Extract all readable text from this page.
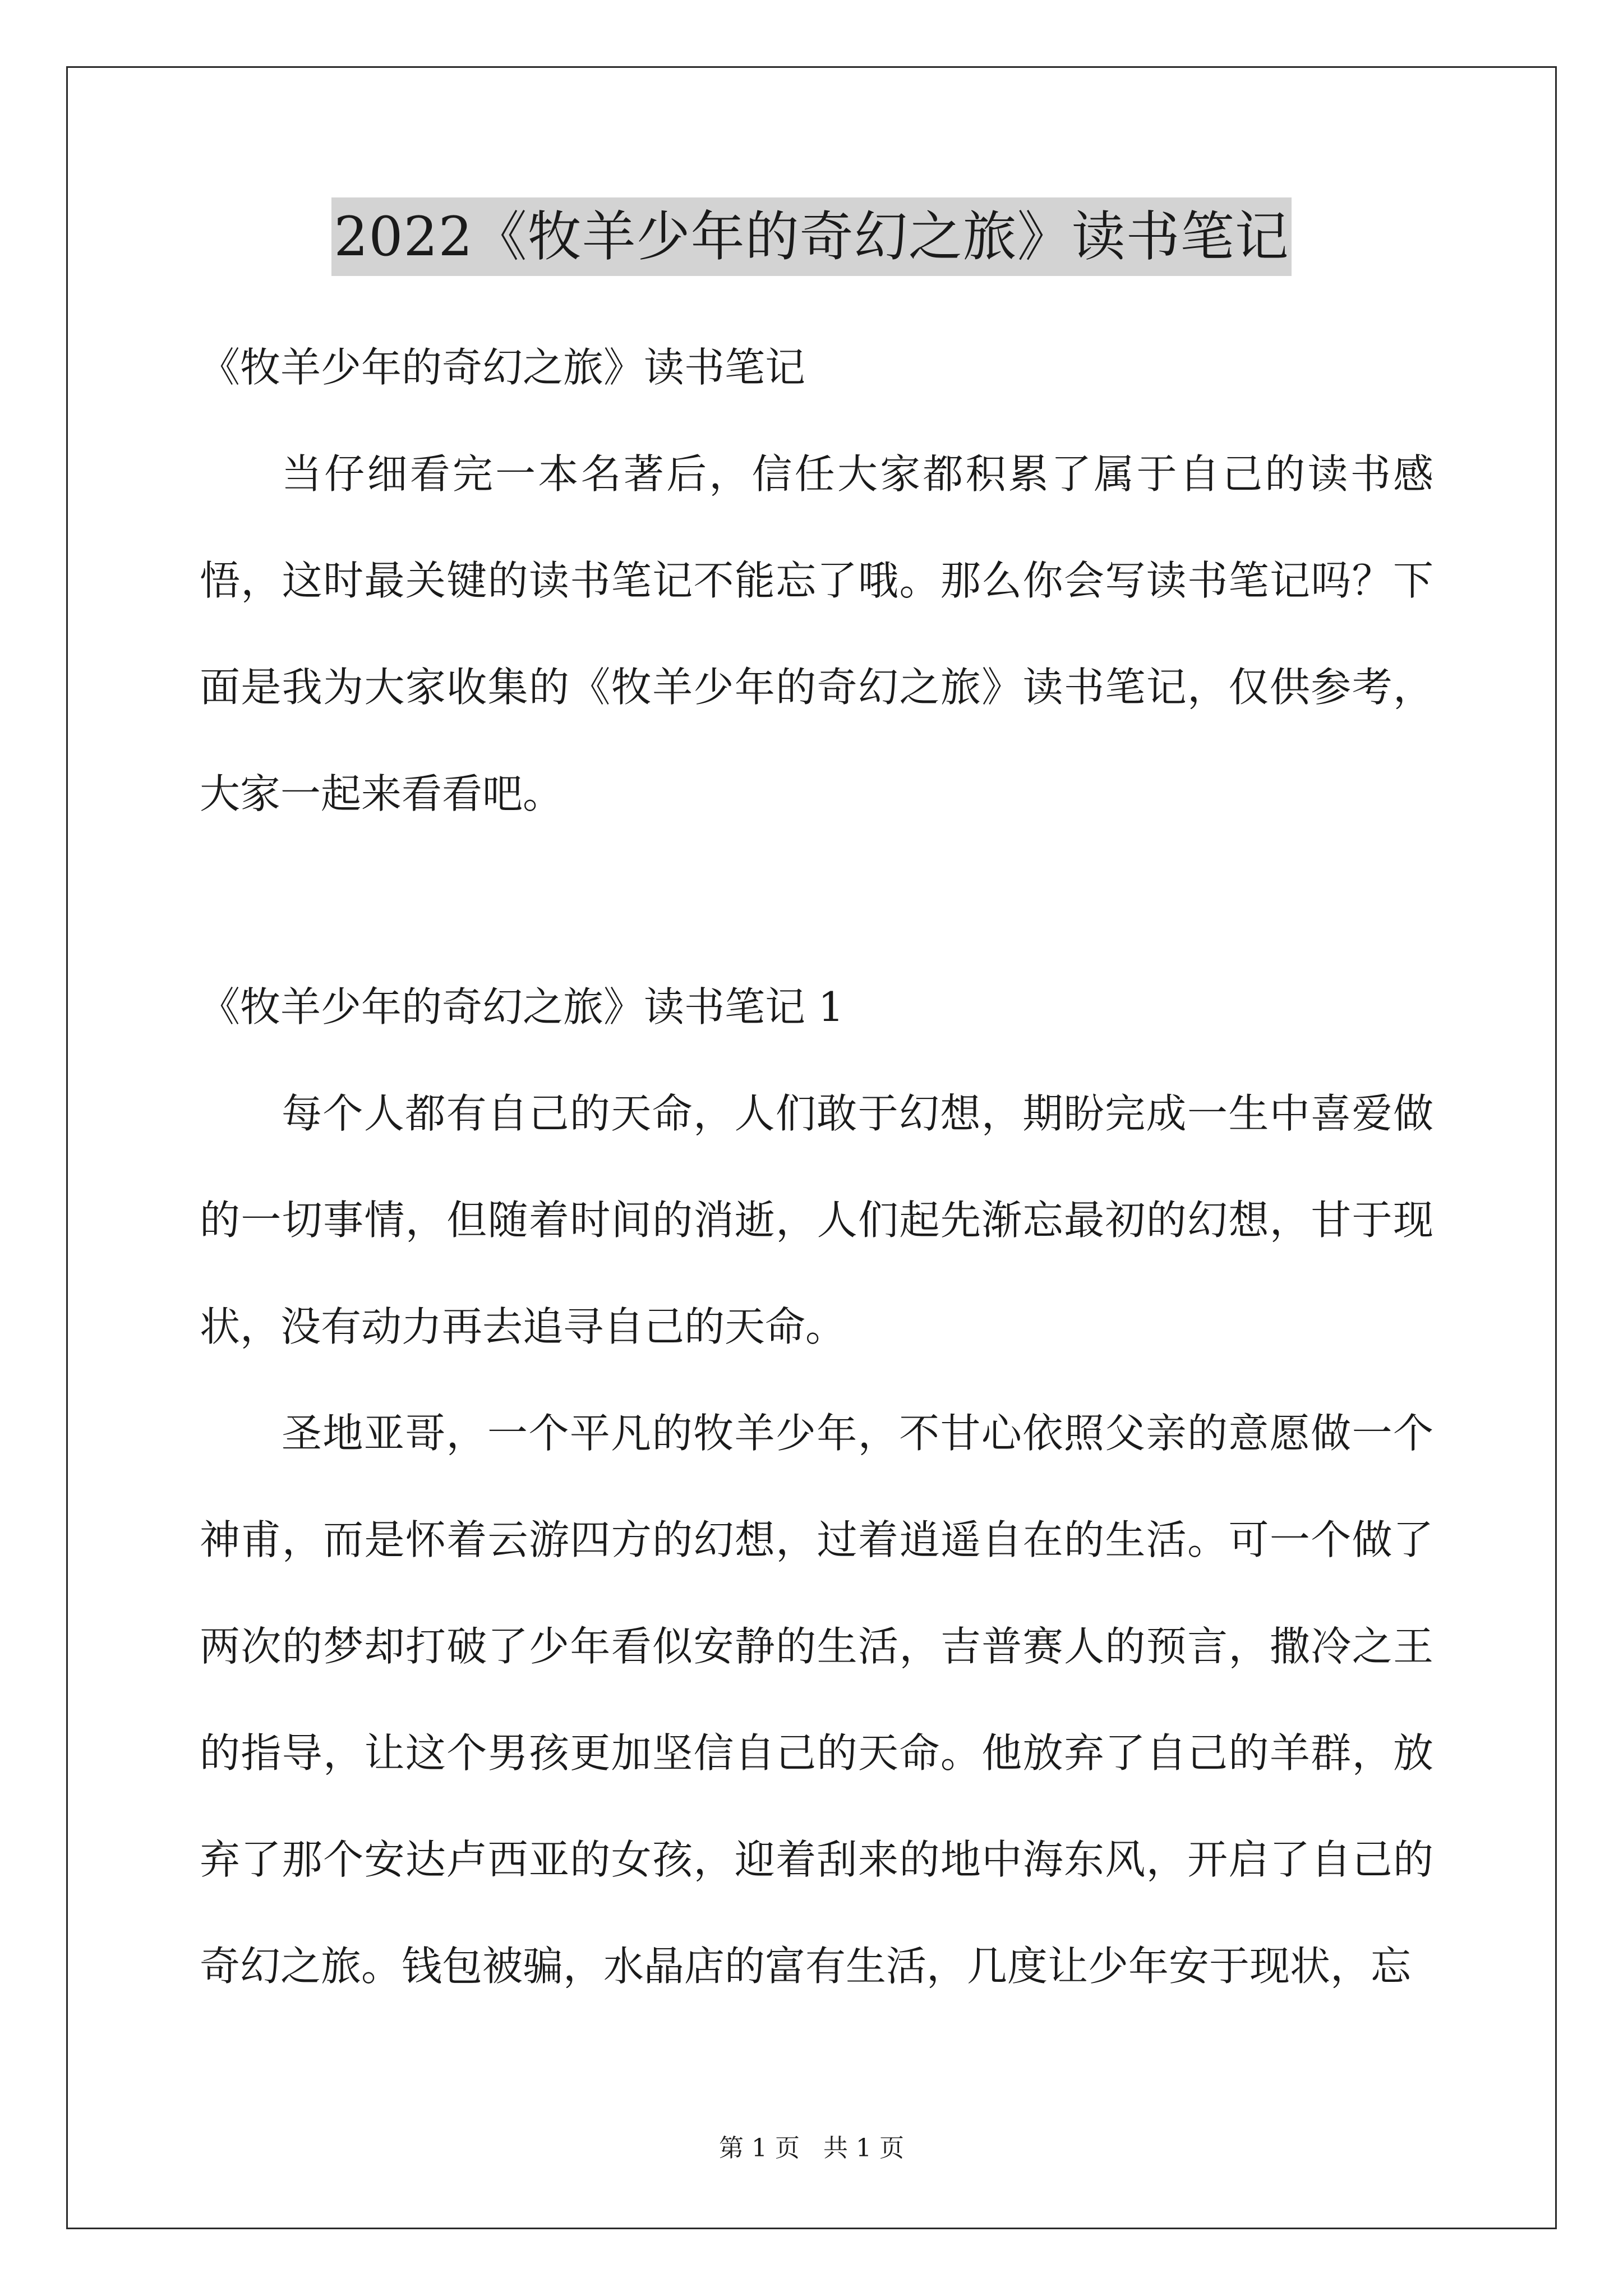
2022《牧羊少年的奇幻之旅》读书笔记

《牧羊少年的奇幻之旅》读书笔记

当仔细看完一本名著后，信任大家都积累了属于自己的读书感悟，这时最关键的读书笔记不能忘了哦。那么你会写读书笔记吗？下面是我为大家收集的《牧羊少年的奇幻之旅》读书笔记，仅供参考，大家一起来看看吧。

《牧羊少年的奇幻之旅》读书笔记 1

每个人都有自己的天命，人们敢于幻想，期盼完成一生中喜爱做的一切事情，但随着时间的消逝，人们起先渐忘最初的幻想，甘于现状，没有动力再去追寻自己的天命。

圣地亚哥，一个平凡的牧羊少年，不甘心依照父亲的意愿做一个神甫，而是怀着云游四方的幻想，过着逍遥自在的生活。可一个做了两次的梦却打破了少年看似安静的生活，吉普赛人的预言，撒冷之王的指导，让这个男孩更加坚信自己的天命。他放弃了自己的羊群，放弃了那个安达卢西亚的女孩，迎着刮来的地中海东风，开启了自己的奇幻之旅。钱包被骗，水晶店的富有生活，几度让少年安于现状，忘

第 1 页 共 1 页
